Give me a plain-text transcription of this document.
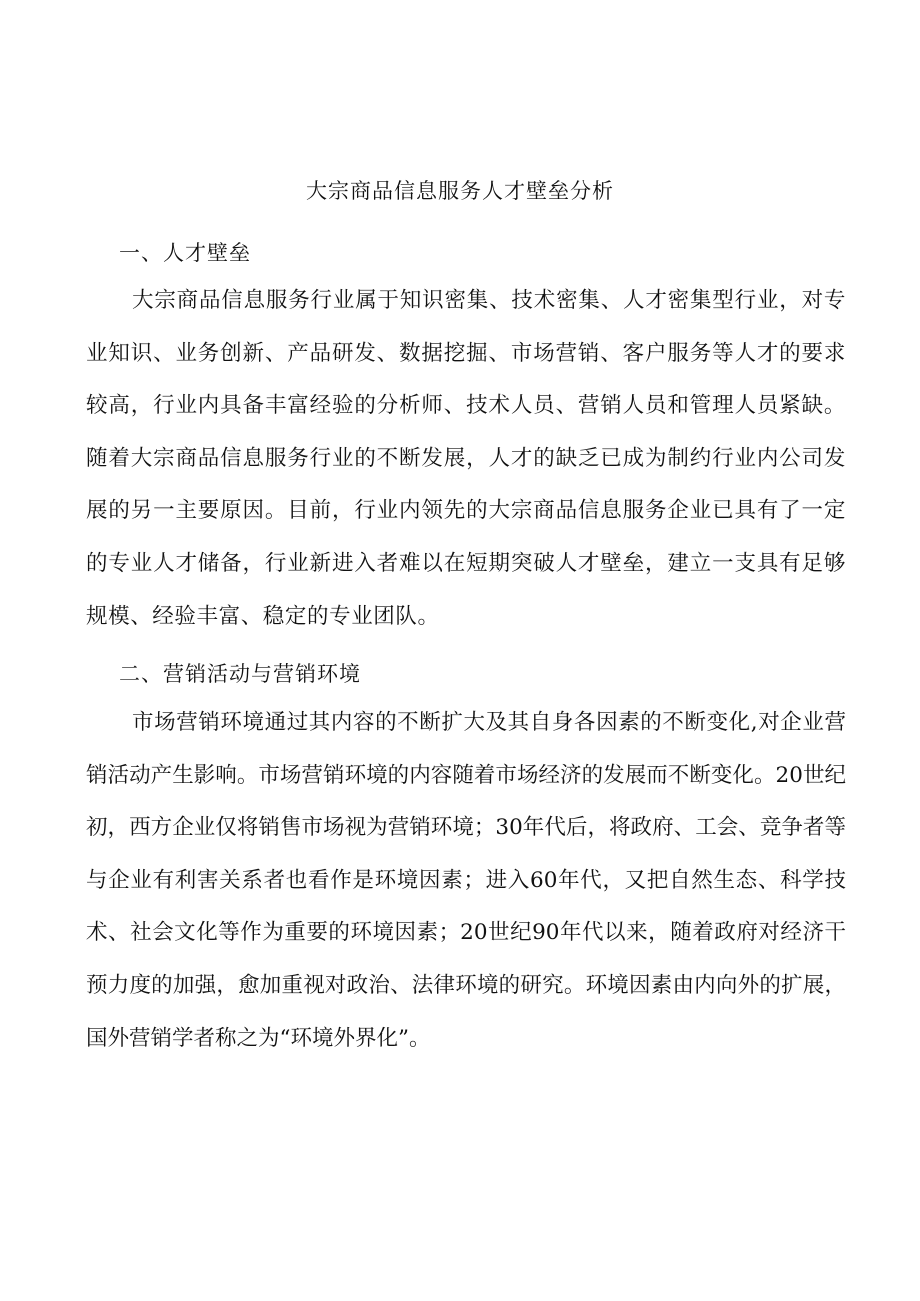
大宗商品信息服务人才壁垒分析
一、人才壁垒

大宗商品信息服务行业属于知识密集、技术密集、人才密集型行业，对专业知识、业务创新、产品研发、数据挖掘、市场营销、客户服务等人才的要求较高，行业内具备丰富经验的分析师、技术人员、营销人员和管理人员紧缺。随着大宗商品信息服务行业的不断发展，人才的缺乏已成为制约行业内公司发展的另一主要原因。目前，行业内领先的大宗商品信息服务企业已具有了一定的专业人才储备，行业新进入者难以在短期突破人才壁垒，建立一支具有足够规模、经验丰富、稳定的专业团队。

二、营销活动与营销环境

市场营销环境通过其内容的不断扩大及其自身各因素的不断变化,对企业营销活动产生影响。市场营销环境的内容随着市场经济的发展而不断变化。20世纪初，西方企业仅将销售市场视为营销环境；30年代后，将政府、工会、竞争者等与企业有利害关系者也看作是环境因素；进入60年代，又把自然生态、科学技术、社会文化等作为重要的环境因素；20世纪90年代以来，随着政府对经济干预力度的加强，愈加重视对政治、法律环境的研究。环境因素由内向外的扩展，国外营销学者称之为“环境外界化”。
